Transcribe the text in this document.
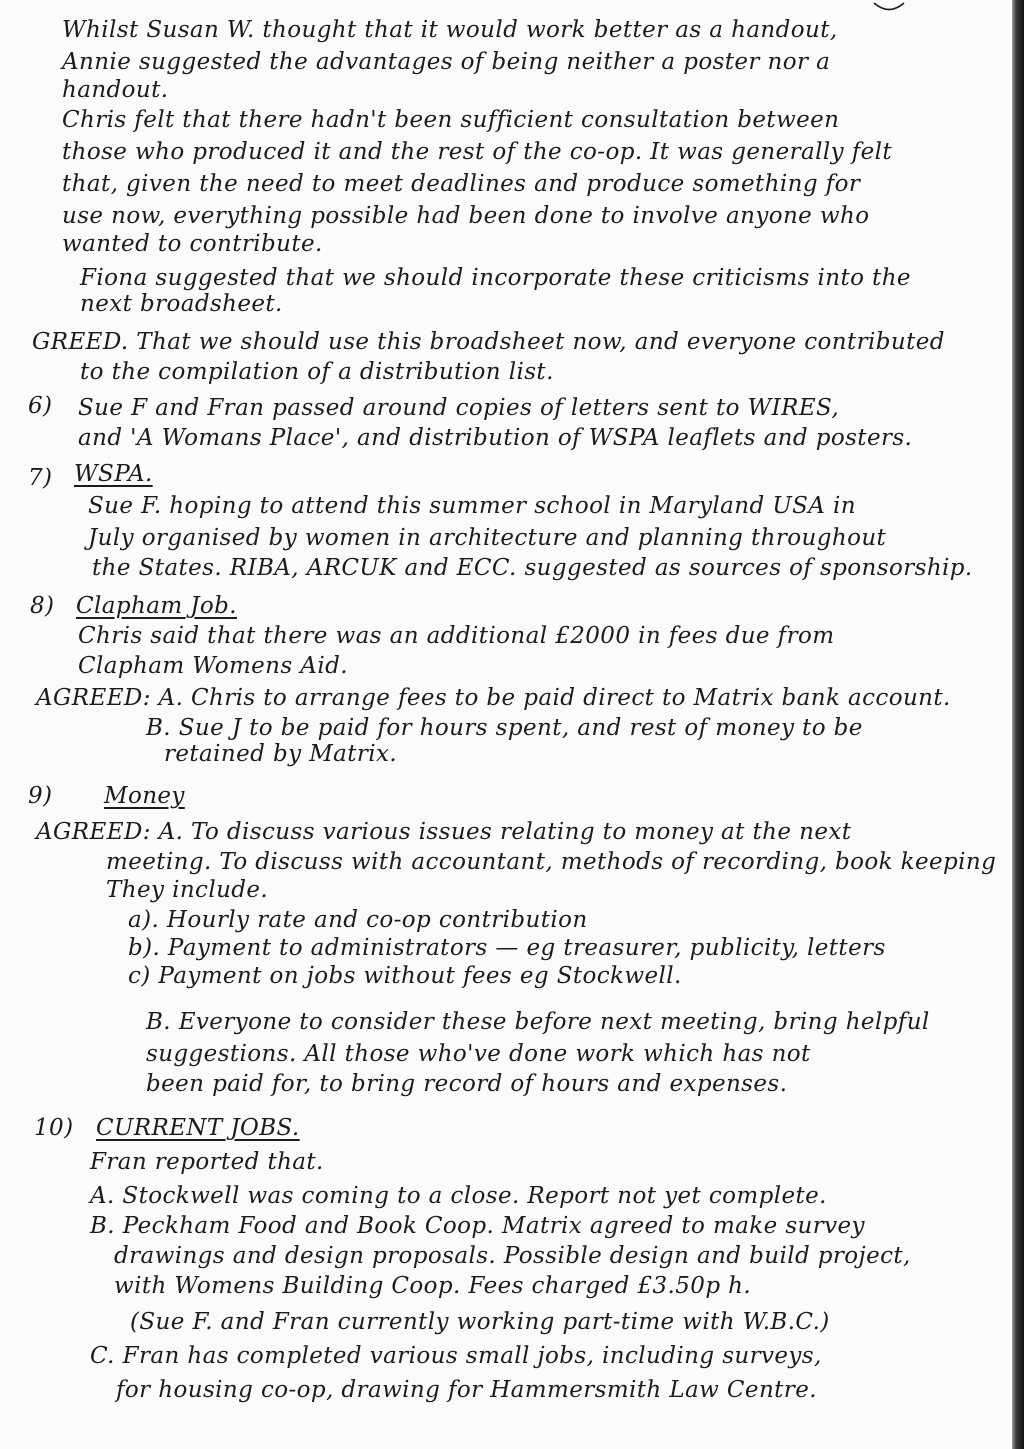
Whilst Susan W. thought that it would work better as a handout,
Annie suggested the advantages of being neither a poster nor a
handout.
Chris felt that there hadn't been sufficient consultation between
those who produced it and the rest of the co-op. It was generally felt
that, given the need to meet deadlines and produce something for
use now, everything possible had been done to involve anyone who
wanted to contribute.
Fiona suggested that we should incorporate these criticisms into the
next broadsheet.
GREED. That we should use this broadsheet now, and everyone contributed
to the compilation of a distribution list.
6) Sue F and Fran passed around copies of letters sent to WIRES,
and 'A Womans Place', and distribution of WSPA leaflets and posters.
7) WSPA.
Sue F. hoping to attend this summer school in Maryland USA in
July organised by women in architecture and planning throughout
the States. RIBA, ARCUK and ECC. suggested as sources of sponsorship.
8) Clapham Job.
Chris said that there was an additional £2000 in fees due from
Clapham Womens Aid.
AGREED: A. Chris to arrange fees to be paid direct to Matrix bank account.
B. Sue J to be paid for hours spent, and rest of money to be
retained by Matrix.
9) Money
AGREED: A. To discuss various issues relating to money at the next
meeting. To discuss with accountant, methods of recording, book keeping
They include.
a). Hourly rate and co-op contribution
b). Payment to administrators — eg treasurer, publicity, letters
c) Payment on jobs without fees eg Stockwell.
B. Everyone to consider these before next meeting, bring helpful
suggestions. All those who've done work which has not
been paid for, to bring record of hours and expenses.
10) CURRENT JOBS.
Fran reported that.
A. Stockwell was coming to a close. Report not yet complete.
B. Peckham Food and Book Coop. Matrix agreed to make survey
drawings and design proposals. Possible design and build project,
with Womens Building Coop. Fees charged £3.50p h.
(Sue F. and Fran currently working part-time with W.B.C.)
C. Fran has completed various small jobs, including surveys,
for housing co-op, drawing for Hammersmith Law Centre.
